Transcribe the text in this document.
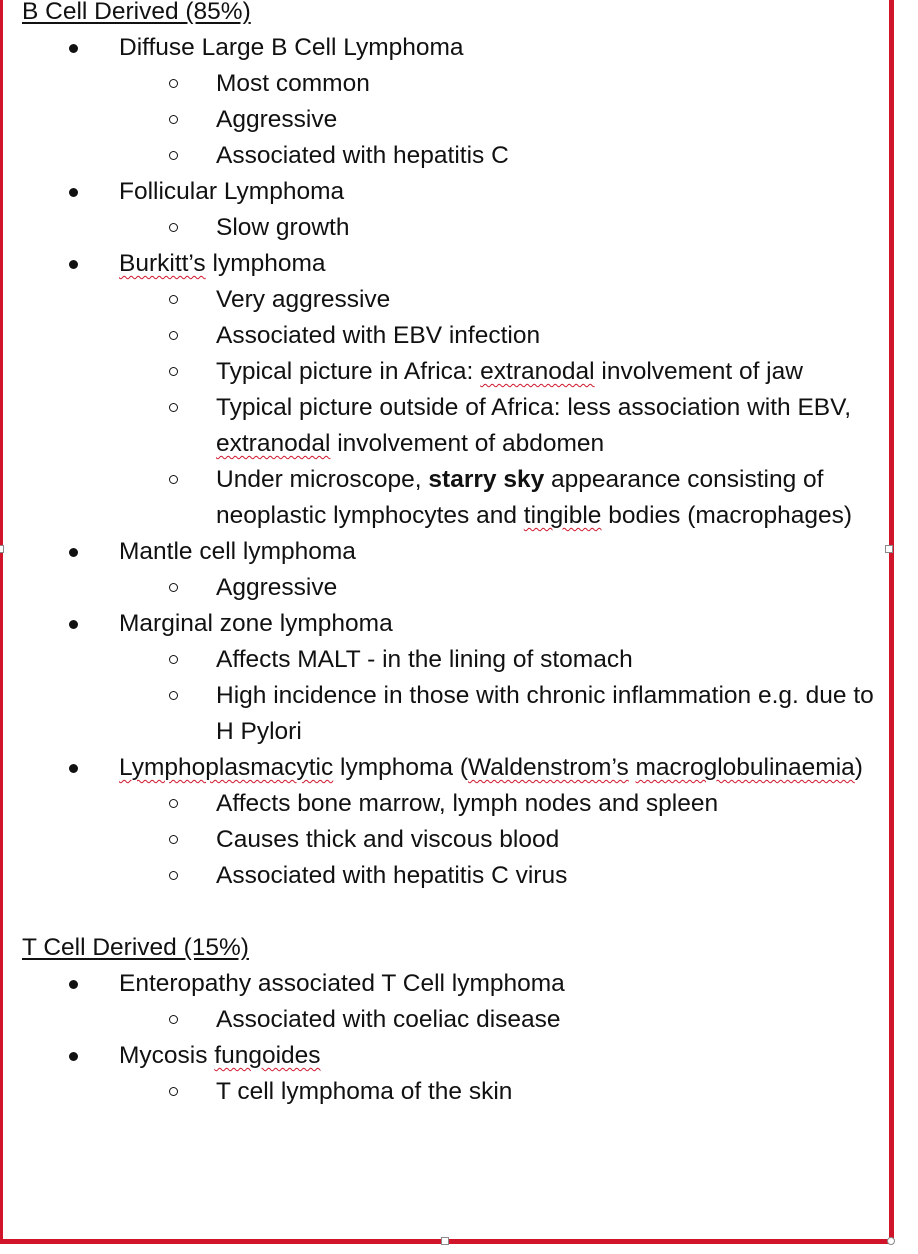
B Cell Derived (85%)
Diffuse Large B Cell Lymphoma
Most common
Aggressive
Associated with hepatitis C
Follicular Lymphoma
Slow growth
Burkitt’s lymphoma
Very aggressive
Associated with EBV infection
Typical picture in Africa: extranodal involvement of jaw
Typical picture outside of Africa: less association with EBV, extranodal involvement of abdomen
Under microscope, starry sky appearance consisting of neoplastic lymphocytes and tingible bodies (macrophages)
Mantle cell lymphoma
Aggressive
Marginal zone lymphoma
Affects MALT - in the lining of stomach
High incidence in those with chronic inflammation e.g. due to H Pylori
Lymphoplasmacytic lymphoma (Waldenstrom’s macroglobulinaemia)
Affects bone marrow, lymph nodes and spleen
Causes thick and viscous blood
Associated with hepatitis C virus
T Cell Derived (15%)
Enteropathy associated T Cell lymphoma
Associated with coeliac disease
Mycosis fungoides
T cell lymphoma of the skin
